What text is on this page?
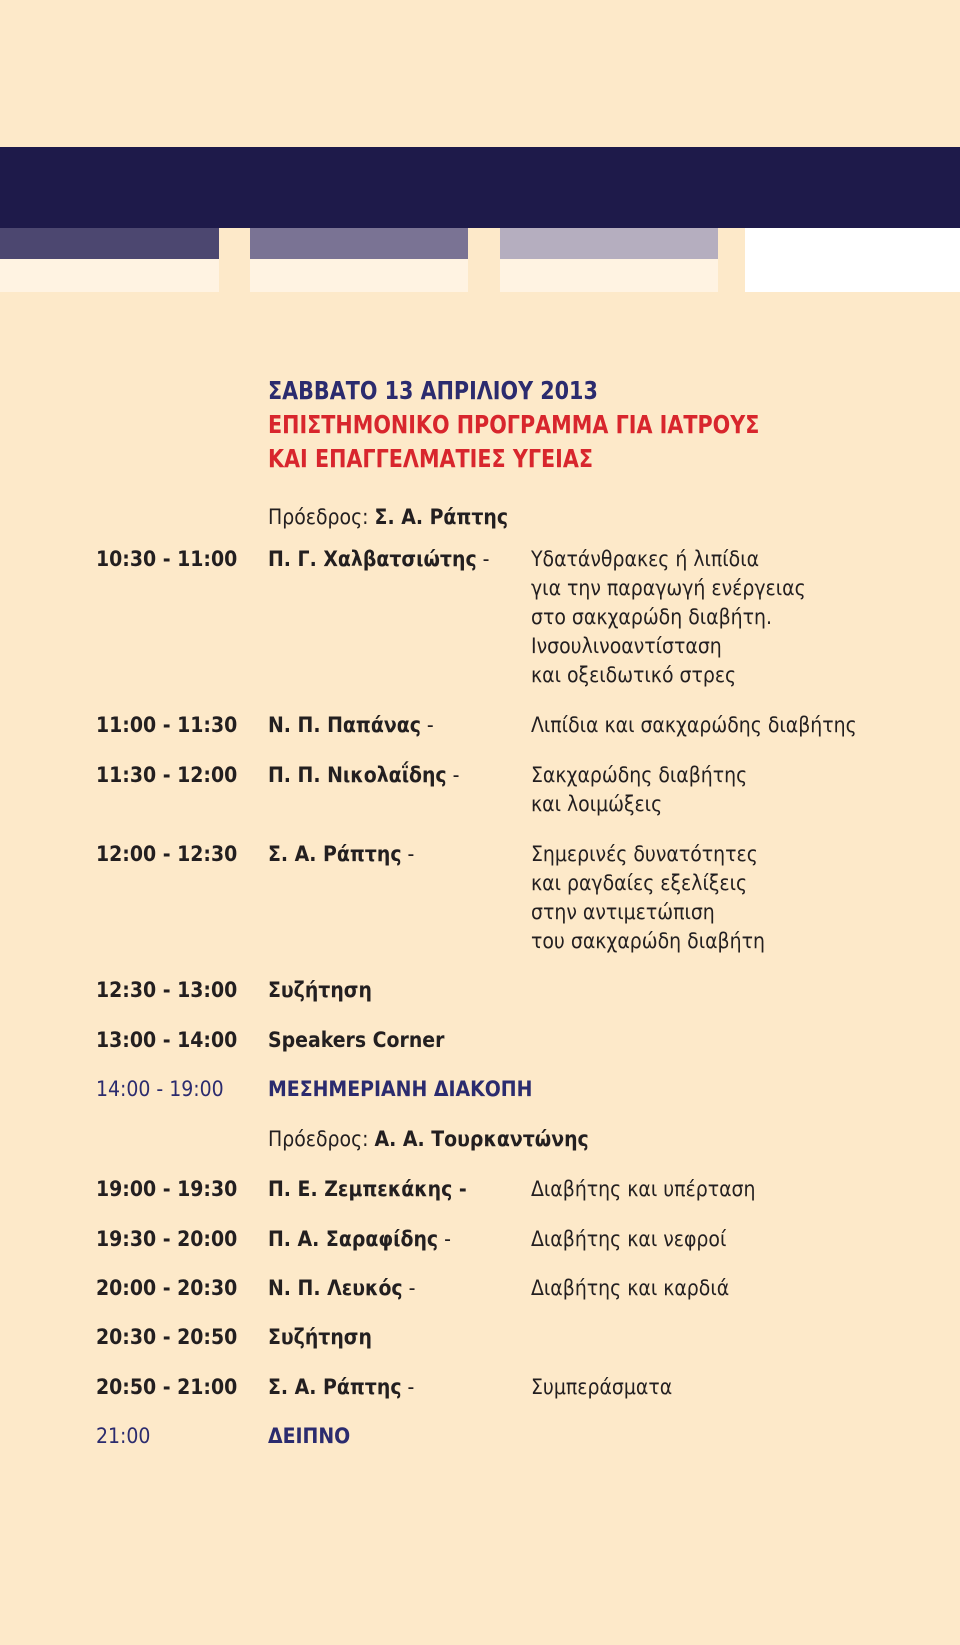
ΣΑΒΒΑΤΟ 13 ΑΠΡΙΛΙΟΥ 2013
ΕΠΙΣΤΗΜΟΝΙΚΟ ΠΡΟΓΡΑΜΜΑ ΓΙΑ ΙΑΤΡΟΥΣ
ΚΑΙ ΕΠΑΓΓΕΛΜΑΤΙΕΣ ΥΓΕΙΑΣ
Πρόεδρος: Σ. Α. Ράπτης
10:30 - 11:00 Π. Γ. Χαλβατσιώτης - Υδατάνθρακες ή λιπίδια
για την παραγωγή ενέργειας
στο σακχαρώδη διαβήτη.
Ινσουλινοαντίσταση
και οξειδωτικό στρες
11:00 - 11:30 Ν. Π. Παπάνας -	Λιπίδια και σακχαρώδης διαβήτης
11:30 - 12:00 Π. Π. Νικολαΐδης -	Σακχαρώδης διαβήτης
και λοιμώξεις
12:00 - 12:30 Σ. Α. Ράπτης -	Σημερινές δυνατότητες
και ραγδαίες εξελίξεις
στην αντιμετώπιση
του σακχαρώδη διαβήτη
12:30 - 13:00 Συζήτηση
13:00 - 14:00 Speakers Corner
14:00 - 19:00 ΜΕΣΗΜΕΡΙΑΝΗ ΔΙΑΚΟΠΗ
Πρόεδρος: Α. Α. Τουρκαντώνης
19:00 - 19:30 Π. Ε. Ζεμπεκάκης -	Διαβήτης και υπέρταση
19:30 - 20:00 Π. Α. Σαραφίδης -	Διαβήτης και νεφροί
20:00 - 20:30 Ν. Π. Λευκός -	Διαβήτης και καρδιά
20:30 - 20:50 Συζήτηση
20:50 - 21:00 Σ. Α. Ράπτης -	Συμπεράσματα
21:00	ΔΕΙΠΝΟ
